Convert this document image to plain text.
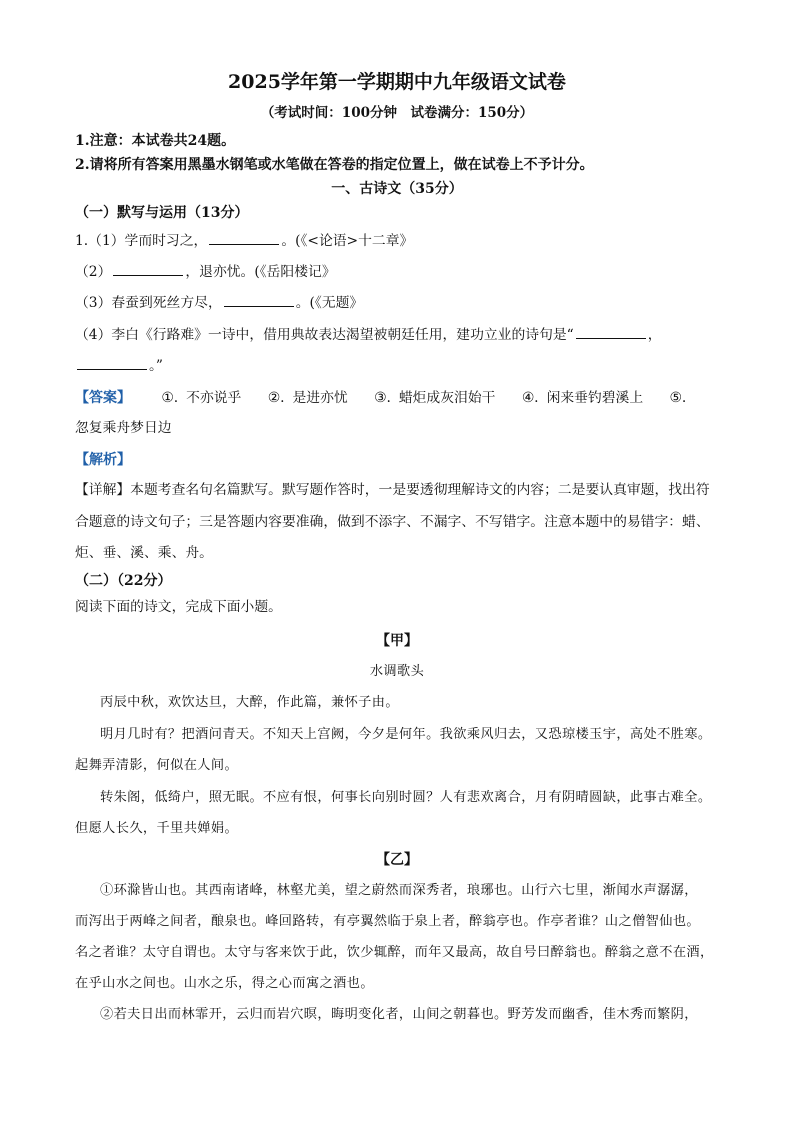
2025学年第一学期期中九年级语文试卷
（考试时间：100分钟　试卷满分：150分）
1.注意：本试卷共24题。
2.请将所有答案用黑墨水钢笔或水笔做在答卷的指定位置上，做在试卷上不予计分。
一、古诗文（35分）
（一）默写与运用（13分）
1.（1）学而时习之，	。(《<论语>十二章》
（2）	，退亦忧。(《岳阳楼记》
（3）春蚕到死丝方尽，	。(《无题》
（4）李白《行路难》一诗中，借用典故表达渴望被朝廷任用，建功立业的诗句是“	，
。”
【答案】 ①. 不亦说乎 ②. 是进亦忧 ③. 蜡炬成灰泪始干 ④. 闲来垂钓碧溪上 ⑤.
忽复乘舟梦日边
【解析】
【详解】本题考查名句名篇默写。默写题作答时，一是要透彻理解诗文的内容；二是要认真审题，找出符
合题意的诗文句子；三是答题内容要准确，做到不添字、不漏字、不写错字。注意本题中的易错字：蜡、
炬、垂、溪、乘、舟。
（二）（22分）
阅读下面的诗文，完成下面小题。
【甲】
水调歌头
丙辰中秋，欢饮达旦，大醉，作此篇，兼怀子由。
明月几时有？把酒问青天。不知天上宫阙，今夕是何年。我欲乘风归去，又恐琼楼玉宇，高处不胜寒。
起舞弄清影，何似在人间。
转朱阁，低绮户，照无眠。不应有恨，何事长向别时圆？人有悲欢离合，月有阴晴圆缺，此事古难全。
但愿人长久，千里共婵娟。
【乙】
①环滁皆山也。其西南诸峰，林壑尤美，望之蔚然而深秀者，琅琊也。山行六七里，渐闻水声潺潺，
而泻出于两峰之间者，酿泉也。峰回路转，有亭翼然临于泉上者，醉翁亭也。作亭者谁？山之僧智仙也。
名之者谁？太守自谓也。太守与客来饮于此，饮少辄醉，而年又最高，故自号曰醉翁也。醉翁之意不在酒，
在乎山水之间也。山水之乐，得之心而寓之酒也。
②若夫日出而林霏开，云归而岩穴暝，晦明变化者，山间之朝暮也。野芳发而幽香，佳木秀而繁阴，
